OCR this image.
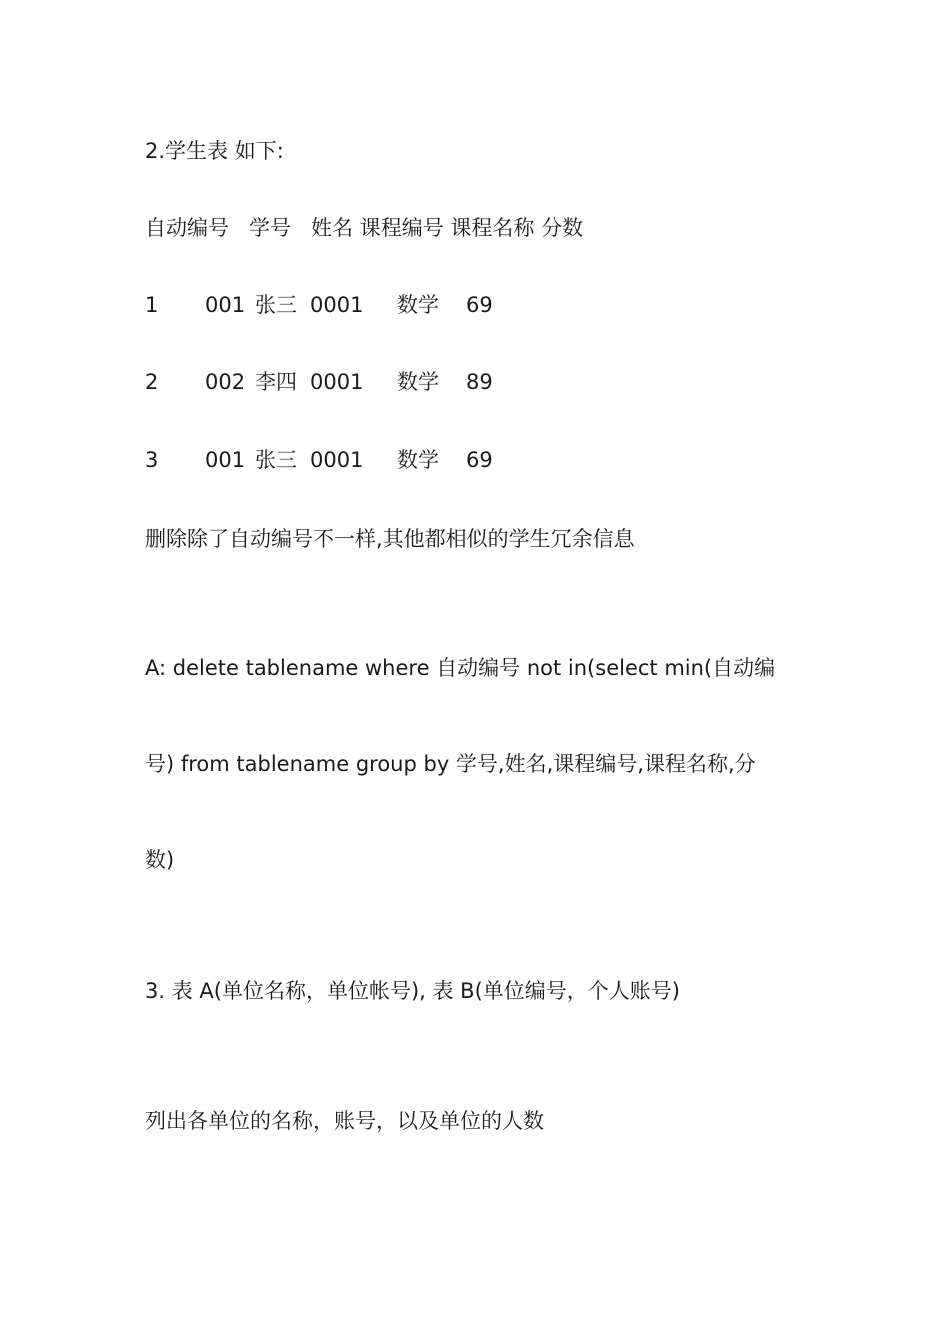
2.学生表 如下:
自动编号   学号   姓名 课程编号 课程名称 分数
1 001 张三 0001 数学 69
2 002 李四 0001 数学 89
3 001 张三 0001 数学 69
删除除了自动编号不一样,其他都相似的学生冗余信息
A: delete tablename where 自动编号 not in(select min(自动编
号) from tablename group by 学号,姓名,课程编号,课程名称,分
数)
3. 表 A(单位名称，单位帐号), 表 B(单位编号，个人账号)
列出各单位的名称，账号，以及单位的人数
